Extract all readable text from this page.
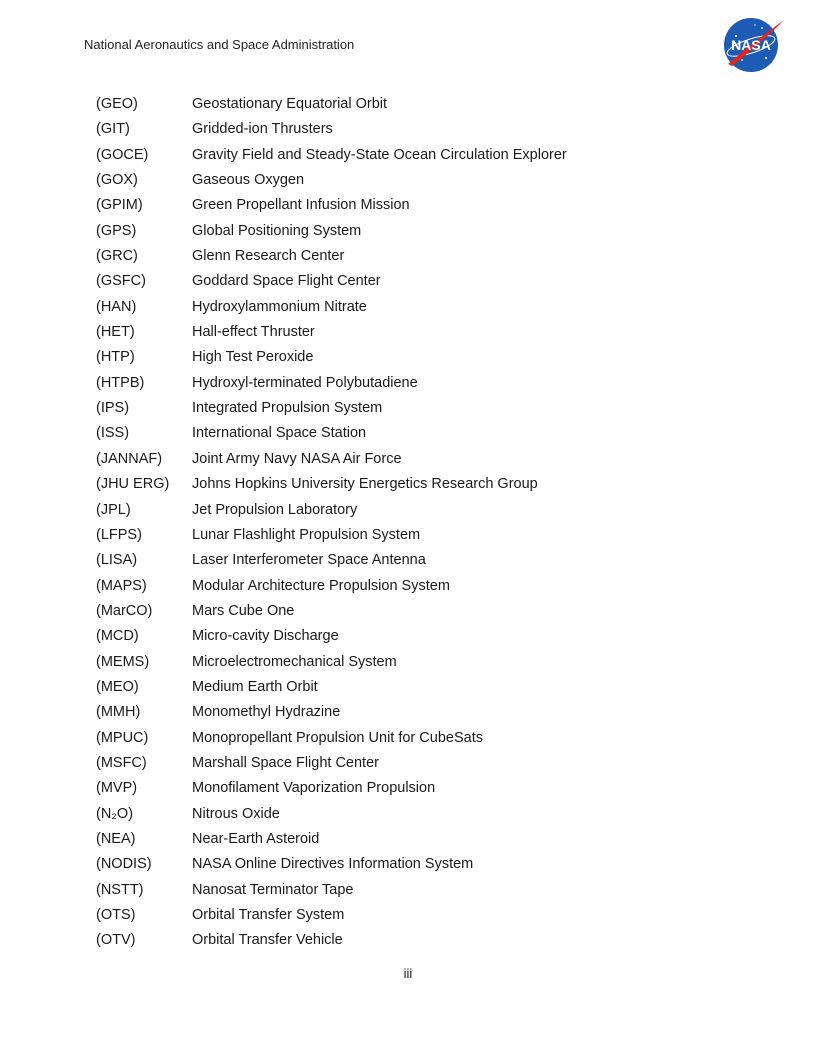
National Aeronautics and Space Administration	NASA
(GEO)	Geostationary Equatorial Orbit
(GIT)	Gridded-ion Thrusters
(GOCE)	Gravity Field and Steady-State Ocean Circulation Explorer
(GOX)	Gaseous Oxygen
(GPIM)	Green Propellant Infusion Mission
(GPS)	Global Positioning System
(GRC)	Glenn Research Center
(GSFC)	Goddard Space Flight Center
(HAN)	Hydroxylammonium Nitrate
(HET)	Hall-effect Thruster
(HTP)	High Test Peroxide
(HTPB)	Hydroxyl-terminated Polybutadiene
(IPS)	Integrated Propulsion System
(ISS)	International Space Station
(JANNAF)	Joint Army Navy NASA Air Force
(JHU ERG)	Johns Hopkins University Energetics Research Group
(JPL)	Jet Propulsion Laboratory
(LFPS)	Lunar Flashlight Propulsion System
(LISA)	Laser Interferometer Space Antenna
(MAPS)	Modular Architecture Propulsion System
(MarCO)	Mars Cube One
(MCD)	Micro-cavity Discharge
(MEMS)	Microelectromechanical System
(MEO)	Medium Earth Orbit
(MMH)	Monomethyl Hydrazine
(MPUC)	Monopropellant Propulsion Unit for CubeSats
(MSFC)	Marshall Space Flight Center
(MVP)	Monofilament Vaporization Propulsion
(N₂O)	Nitrous Oxide
(NEA)	Near-Earth Asteroid
(NODIS)	NASA Online Directives Information System
(NSTT)	Nanosat Terminator Tape
(OTS)	Orbital Transfer System
(OTV)	Orbital Transfer Vehicle
iii
